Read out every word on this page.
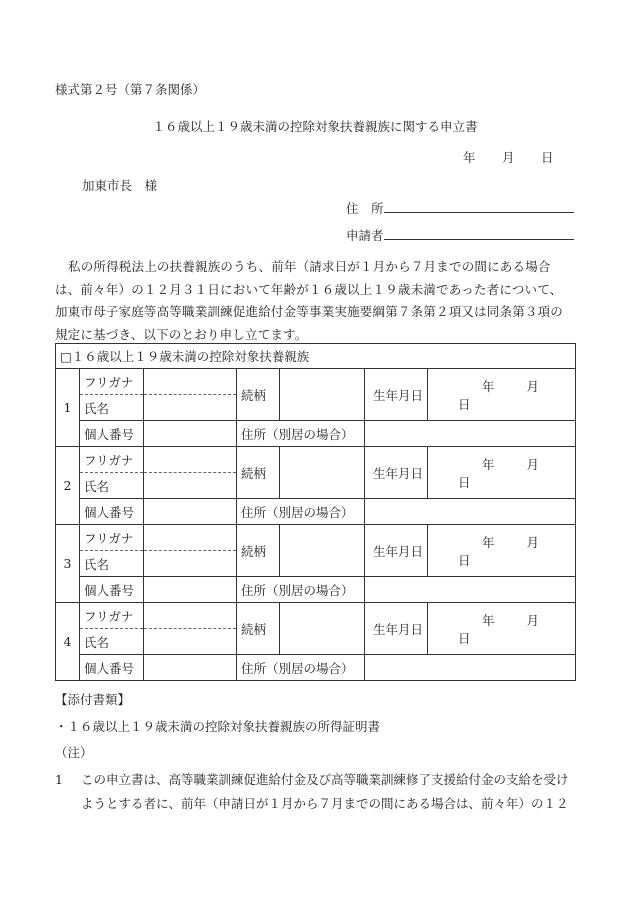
様式第２号（第７条関係）
１６歳以上１９歳未満の控除対象扶養親族に関する申立書
年 月 日
加東市長　様
住　所
申請者

私の所得税法上の扶養親族のうち、前年（請求日が１月から７月までの間にある場合は、前々年）の１２月３１日において年齢が１６歳以上１９歳未満であった者について、加東市母子家庭等高等職業訓練促進給付金等事業実施要綱第７条第２項又は同条第３項の規定に基づき、以下のとおり申し立てます。

□１６歳以上１９歳未満の控除対象扶養親族						
1	フリガナ		続柄		生年月日	年 月 日
	氏名					
	個人番号		住所（別居の場合）			
2	フリガナ		続柄		生年月日	年 月 日
	氏名					
	個人番号		住所（別居の場合）			
3	フリガナ		続柄		生年月日	年 月 日
	氏名					
	個人番号		住所（別居の場合）			
4	フリガナ		続柄		生年月日	年 月 日
	氏名					
	個人番号		住所（別居の場合）			
【添付書類】
・１６歳以上１９歳未満の控除対象扶養親族の所得証明書
（注）
1 この申立書は、高等職業訓練促進給付金及び高等職業訓練修了支援給付金の支給を受けようとする者に、前年（申請日が１月から７月までの間にある場合は、前々年）の１２
